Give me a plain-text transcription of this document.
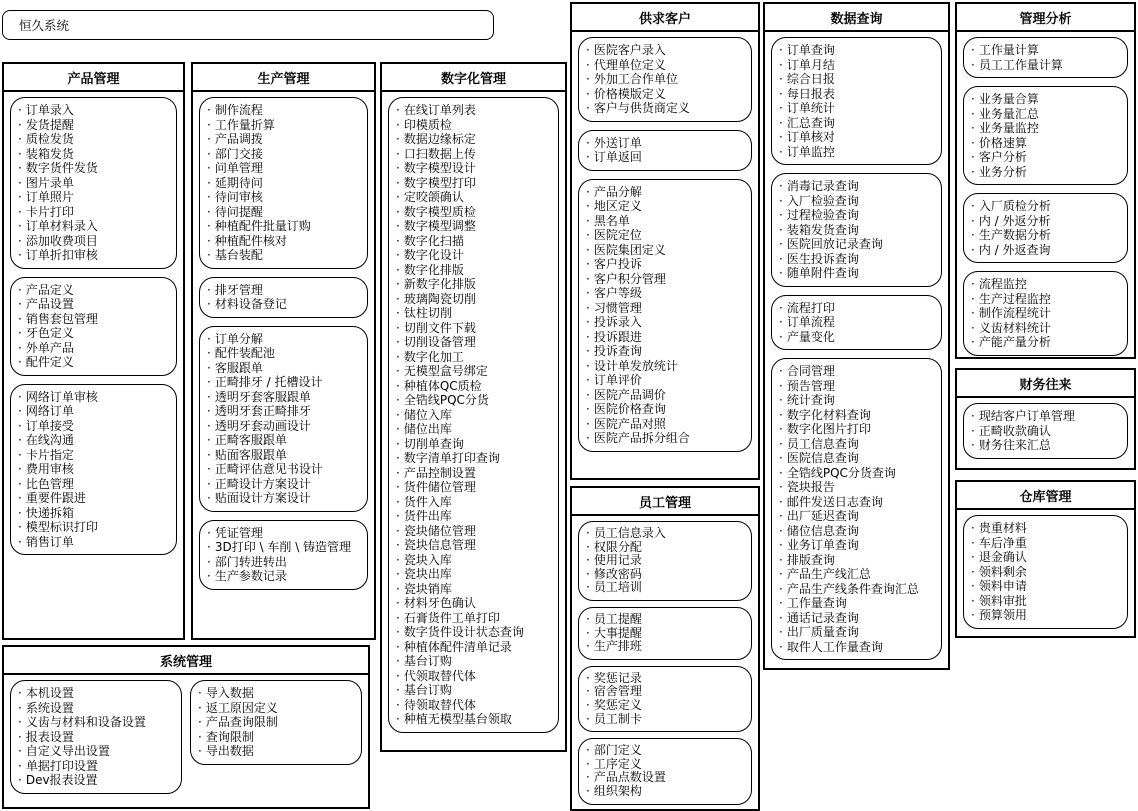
恒久系统
产品管理
· 订单录入
· 发货提醒
· 质检发货
· 装箱发货
· 数字货件发货
· 图片录单
· 订单照片
· 卡片打印
· 订单材料录入
· 添加收费项目
· 订单折扣审核
· 产品定义
· 产品设置
· 销售套包管理
· 牙色定义
· 外单产品
· 配件定义
· 网络订单审核
· 网络订单
· 订单接受
· 在线沟通
· 卡片指定
· 费用审核
· 比色管理
· 重要件跟进
· 快递拆箱
· 模型标识打印
· 销售订单
生产管理
· 制作流程
· 工作量折算
· 产品调拨
· 部门交接
· 问单管理
· 延期待问
· 待问审核
· 待问提醒
· 种植配件批量订购
· 种植配件核对
· 基台装配
· 排牙管理
· 材料设备登记
· 订单分解
· 配件装配池
· 客服跟单
· 正畸排牙 / 托槽设计
· 透明牙套客服跟单
· 透明牙套正畸排牙
· 透明牙套动画设计
· 正畸客服跟单
· 贴面客服跟单
· 正畸评估意见书设计
· 正畸设计方案设计
· 贴面设计方案设计
· 凭证管理
· 3D打印 \ 车削 \ 铸造管理
· 部门转进转出
· 生产参数记录
数字化管理
· 在线订单列表
· 印模质检
· 数据边缘标定
· 口扫数据上传
· 数字模型设计
· 数字模型打印
· 定咬颌确认
· 数字模型质检
· 数字模型调整
· 数字化扫描
· 数字化设计
· 数字化排版
· 新数字化排版
· 玻璃陶瓷切削
· 钛柱切削
· 切削文件下载
· 切削设备管理
· 数字化加工
· 无模型盒号绑定
· 种植体QC质检
· 全锆线PQC分货
· 储位入库
· 储位出库
· 切削单查询
· 数字清单打印查询
· 产品控制设置
· 货件储位管理
· 货件入库
· 货件出库
· 瓷块储位管理
· 瓷块信息管理
· 瓷块入库
· 瓷块出库
· 瓷块销库
· 材料牙色确认
· 石膏货件工单打印
· 数字货件设计状态查询
· 种植体配件清单记录
· 基台订购
· 代领取替代体
· 基台订购
· 待领取替代体
· 种植无模型基台领取
供求客户
· 医院客户录入
· 代理单位定义
· 外加工合作单位
· 价格模版定义
· 客户与供货商定义
· 外送订单
· 订单返回
· 产品分解
· 地区定义
· 黑名单
· 医院定位
· 医院集团定义
· 客户投诉
· 客户积分管理
· 客户等级
· 习惯管理
· 投诉录入
· 投诉跟进
· 投诉查询
· 设计单发放统计
· 订单评价
· 医院产品调价
· 医院价格查询
· 医院产品对照
· 医院产品拆分组合
员工管理
· 员工信息录入
· 权限分配
· 使用记录
· 修改密码
· 员工培训
· 员工提醒
· 大事提醒
· 生产排班
· 奖惩记录
· 宿舍管理
· 奖惩定义
· 员工制卡
· 部门定义
· 工序定义
· 产品点数设置
· 组织架构
数据查询
· 订单查询
· 订单月结
· 综合日报
· 每日报表
· 订单统计
· 汇总查询
· 订单核对
· 订单监控
· 消毒记录查询
· 入厂检验查询
· 过程检验查询
· 装箱发货查询
· 医院回放记录查询
· 医生投诉查询
· 随单附件查询
· 流程打印
· 订单流程
· 产量变化
· 合同管理
· 预告管理
· 统计查询
· 数字化材料查询
· 数字化图片打印
· 员工信息查询
· 医院信息查询
· 全锆线PQC分货查询
· 瓷块报告
· 邮件发送日志查询
· 出厂延迟查询
· 储位信息查询
· 业务订单查询
· 排版查询
· 产品生产线汇总
· 产品生产线条件查询汇总
· 工作量查询
· 通话记录查询
· 出厂质量查询
· 取件人工作量查询
管理分析
· 工作量计算
· 员工工作量计算
· 业务量合算
· 业务量汇总
· 业务量监控
· 价格速算
· 客户分析
· 业务分析
· 入厂质检分析
· 内 / 外返分析
· 生产数据分析
· 内 / 外返查询
· 流程监控
· 生产过程监控
· 制作流程统计
· 义齿材料统计
· 产能产量分析
财务往来
· 现结客户订单管理
· 正畸收款确认
· 财务往来汇总
仓库管理
· 贵重材料
· 车后净重
· 退金确认
· 领料剩余
· 领料申请
· 领料审批
· 预算领用
系统管理
· 本机设置
· 系统设置
· 义齿与材料和设备设置
· 报表设置
· 自定义导出设置
· 单据打印设置
· Dev报表设置
· 导入数据
· 返工原因定义
· 产品查询限制
· 查询限制
· 导出数据
